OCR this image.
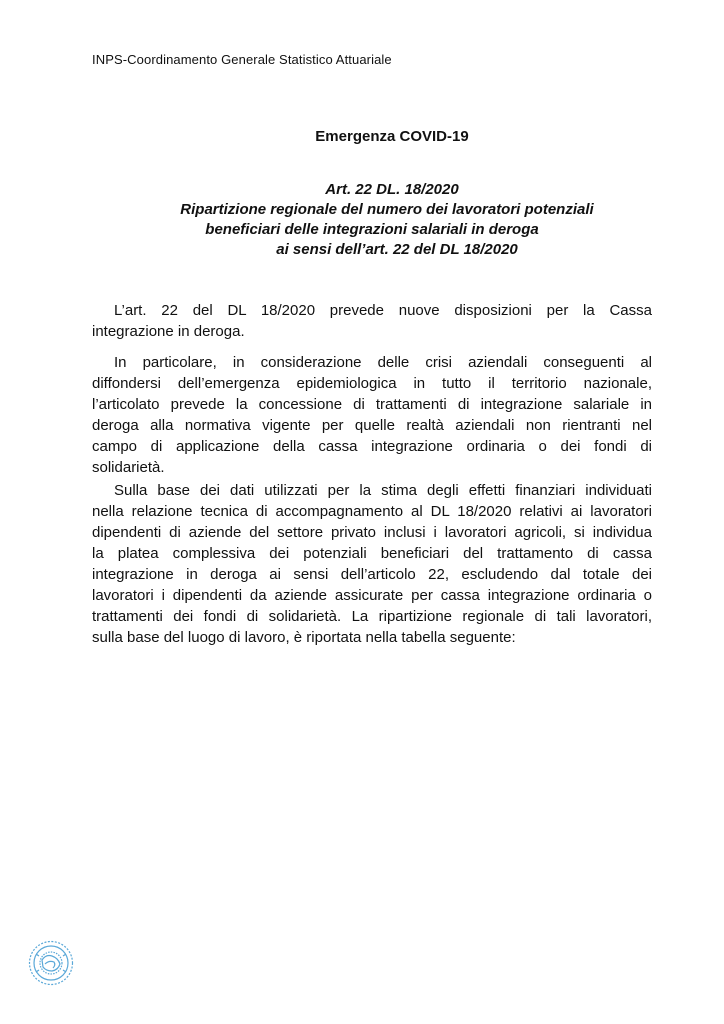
INPS-Coordinamento Generale Statistico Attuariale
Emergenza COVID-19
Art. 22 DL. 18/2020
Ripartizione regionale del numero dei lavoratori potenziali
beneficiari delle integrazioni salariali in deroga
ai sensi dell’art. 22 del DL 18/2020
L’art. 22 del DL 18/2020 prevede nuove disposizioni per la Cassa
integrazione in deroga.
In particolare, in considerazione delle crisi aziendali conseguenti al
diffondersi dell’emergenza epidemiologica in tutto il territorio nazionale,
l’articolato prevede la concessione di trattamenti di integrazione salariale in
deroga alla normativa vigente per quelle realtà aziendali non rientranti nel
campo di applicazione della cassa integrazione ordinaria o dei fondi di
solidarietà.
Sulla base dei dati utilizzati per la stima degli effetti finanziari individuati
nella relazione tecnica di accompagnamento al DL 18/2020 relativi ai lavoratori
dipendenti di aziende del settore privato inclusi i lavoratori agricoli, si individua
la platea complessiva dei potenziali beneficiari del trattamento di cassa
integrazione in deroga ai sensi dell’articolo 22, escludendo dal totale dei
lavoratori i dipendenti da aziende assicurate per cassa integrazione ordinaria o
trattamenti dei fondi di solidarietà. La ripartizione regionale di tali lavoratori,
sulla base del luogo di lavoro, è riportata nella tabella seguente:
